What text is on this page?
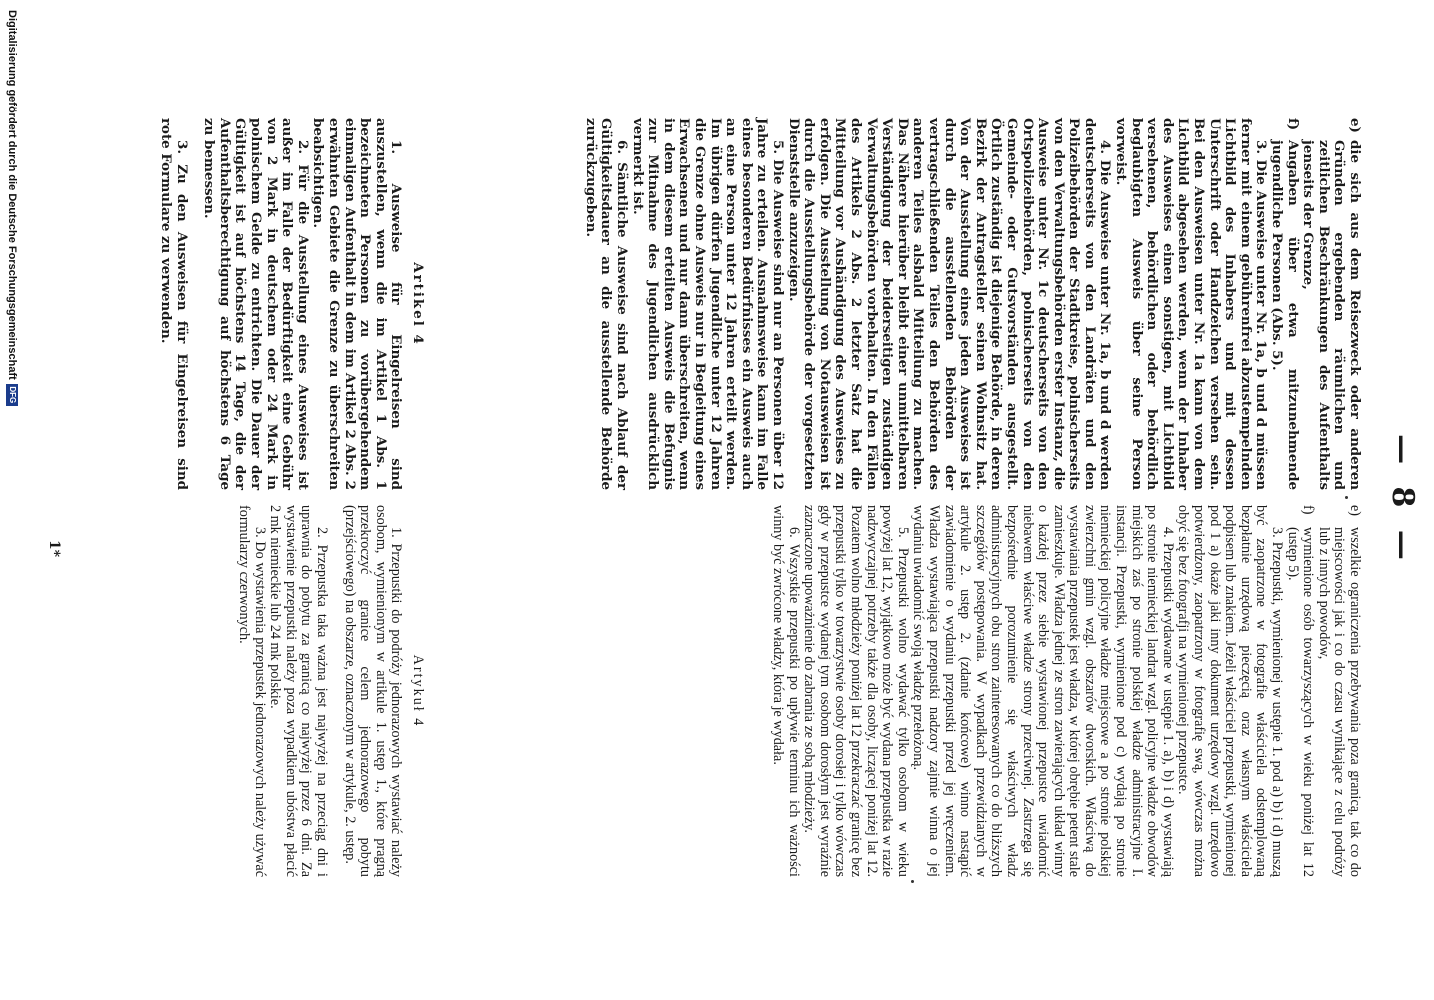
— 8 —

e)
wszelkie ograniczenia przebywania poza granicą, tak co do miejscowości jak i co do czasu wynikające z celu podróży lub z innych powodów,

f)
wymienione osób towarzyszących w wieku poniżej lat 12 (ustęp 5).

3. Przepustki, wymienionej w ustępie 1. pod a) b) i d) muszą być zaopatrzone w fotografie właściciela odstemplowaną bezpłatnie urzędową pieczęcią oraz własnym właściciela podpisem lub znakiem. Jeżeli właściciel przepustki, wymienionej pod 1 a) okaże jaki inny dokument urzędowy wzgl. urzędowo potwierdzony, zaopatrzony w fotografię swą, wówczas można obyć się bez fotografji na wymienionej przepustce.

4. Przepustki wydawane w ustępie 1. a), b) i d) wystawiają po stronie niemieckiej landrat wzgl. policyjne władze obwodów miejskich zaś po stronie polskiej władze administracyjne I. instancji. Przepustki, wymienione pod c) wydają po stronie niemieckiej policyjne władze miejscowe a po stronie polskiej zwierzchni gmin wzgl. obszarów dworskich. Właściwą do wystawiania przepustek jest władza, w której obrębie petent stale zamieszkuje. Władza jednej ze stron zawierających układ winny o każdej przez siebie wystawionej przepustce uwiadomić niebawem właściwe władze strony przeciwnej. Zastrzega się bezpośrednie porozumienie się właściwych władz administracyjnych obu stron zainteresowanych co do bliższych szczegółów postępowania. W wypadkach przewidzianych w artykule 2. ustęp 2. (zdanie końcowe) winno nastąpić zawiadomienie o wydaniu przepustki przed jej wręczeniem. Władza wystawiająca przepustki nadzory zajmie winna o jej wydaniu uwiadomić swoją władzę przełożoną.

5. Przepustki wolno wydawać tylko osobom w wieku powyżej lat 12, wyjątkowo może być wydana przepustka w razie nadzwyczajnej potrzeby także dla osoby, liczącej poniżej lat 12. Pozatem wolno młodzieży poniżej lat 12 przekraczać granicę bez przepustki tylko w towarzystwie osoby dorosłej i tylko wówczas gdy w przepustce wydanej tym osobom dorosłym jest wyraźnie zaznaczone upoważnienie do zabrania ze sobą młodzieży.

6. Wszystkie przepustki po upływie terminu ich ważności winny być zwrócone władzy, która je wydała.

Artykuł 4

1. Przepustki do podróży jednorazowych wystawiać należy osobom, wymienionym w artikule 1. ustęp 1., które pragną przekroczyć granice celem jednorazowego pobytu (przejściowego) na obszarze, oznaczonym w artykule, 2. ustęp.

2. Przepustka taka ważna jest najwyżej na przeciąg dni i uprawnia do pobytu za granicą co najwyżej przez 6 dni. Za wystawienie przepustki należy poza wypadkiem ubóstwa płacić 2 mk niemieckie lub 24 mk polskie.

3. Do wystawienia przepustek jednorazowych należy używać formularzy czerwonych.

e)
die sich aus dem Reisezweck oder anderen Gründen ergebenden räumlichen und zeitlichen Beschränkungen des Aufenthalts jenseits der Grenze,

f)
Angaben über etwa mitzunehmende jugendliche Personen (Abs. 5).

3. Die Ausweise unter Nr. 1a, b und d müssen ferner mit einem gebührenfrei abzustempelnden Lichtbild des Inhabers und mit dessen Unterschrift oder Handzeichen versehen sein. Bei den Ausweisen unter Nr. 1a kann von dem Lichtbild abgesehen werden, wenn der Inhaber des Ausweises einen sonstigen, mit Lichtbild versehenen, behördlichen oder behördlich beglaubigten Ausweis über seine Person vorweist.

4. Die Ausweise unter Nr. 1a, b und d werden deutscherseits von den Landräten und den Polizeibehörden der Stadtkreise, polnischerseits von den Verwaltungsbehörden erster Instanz, die Ausweise unter Nr. 1c deutscherseits von den Ortspolizeibehörden, polnischerseits von den Gemeinde- oder Gutsvorständen ausgestellt. Örtlich zuständig ist diejenige Behörde, in deren Bezirk der Antragsteller seinen Wohnsitz hat. Von der Ausstellung eines jeden Ausweises ist durch die ausstellenden Behörden der vertragschließenden Teiles den Behörden des anderen Teiles alsbald Mitteilung zu machen. Das Nähere hierüber bleibt einer unmittelbaren Verständigung der beiderseitigen zuständigen Verwaltungsbehörden vorbehalten. In den Fällen des Artikels 2 Abs. 2 letzter Satz hat die Mitteilung vor Aushändigung des Ausweises zu erfolgen. Die Ausstellung von Notausweisen ist durch die Ausstellungsbehörde der vorgesetzten Dienststelle anzuzeigen.

5. Die Ausweise sind nur an Personen über 12 Jahre zu erteilen. Ausnahmsweise kann im Falle eines besonderen Bedürfnisses ein Ausweis auch an eine Person unter 12 Jahren erteilt werden. Im übrigen dürfen Jugendliche unter 12 Jahren die Grenze ohne Ausweis nur in Begleitung eines Erwachsenen und nur dann überschreiten, wenn in dem diesem erteilten Ausweis die Befugnis zur Mitnahme des Jugendlichen ausdrücklich vermerkt ist.

6. Sämtliche Ausweise sind nach Ablauf der Gültigkeitsdauer an die ausstellende Behörde zurückzugeben.

Artikel 4

1. Ausweise für Eingelreisen sind auszustellen, wenn die im Artikel 1 Abs. 1 bezeichneten Personen zu vorübergehendem einmaligen Aufenthalt in dem im Artikel 2 Abs. 2 erwähnten Gebiete die Grenze zu überschreiten beabsichtigen.

2. Für die Ausstellung eines Ausweises ist außer im Falle der Bedürftigkeit eine Gebühr von 2 Mark in deutschem oder 24 Mark in polnischem Gelde zu entrichten. Die Dauer der Gültigkeit ist auf höchstens 14 Tage, die der Aufenthaltsberechtigung auf höchstens 6 Tage zu bemessen.

3. Zu den Ausweisen für Eingelreisen sind rote Formulare zu verwenden.

1*
Digitalisierung gefördert durch die Deutsche Forschungsgemeinschaft
DFG
